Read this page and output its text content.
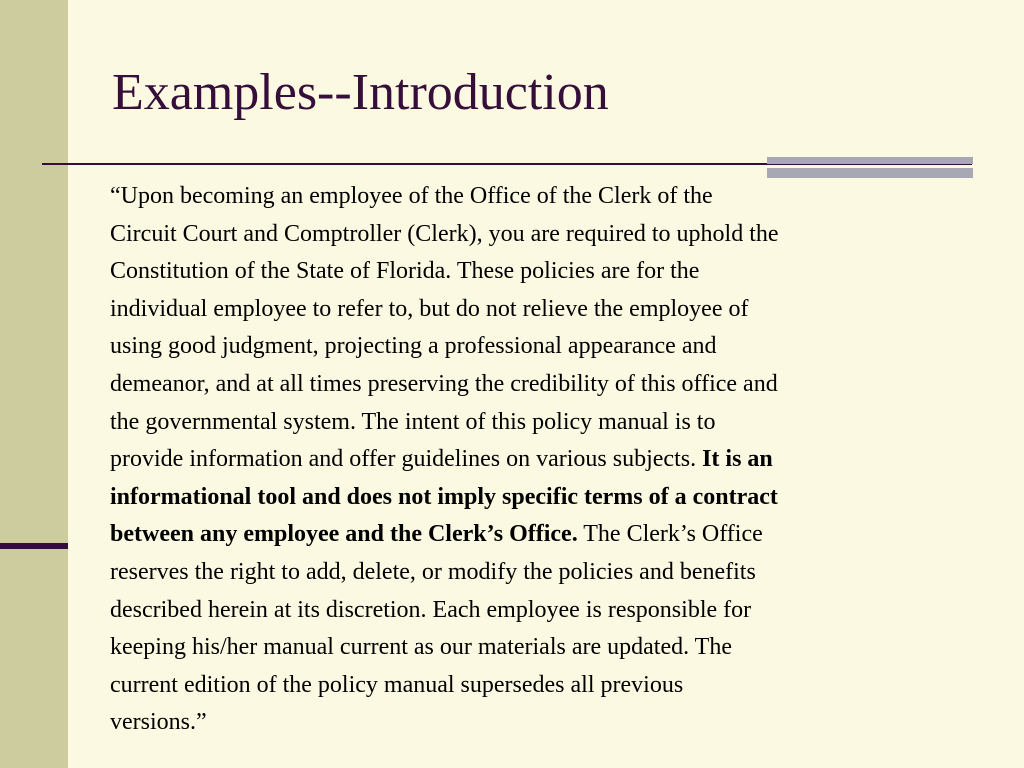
Examples--Introduction
“Upon becoming an employee of the Office of the Clerk of the
Circuit Court and Comptroller (Clerk), you are required to uphold the
Constitution of the State of Florida. These policies are for the
individual employee to refer to, but do not relieve the employee of
using good judgment, projecting a professional appearance and
demeanor, and at all times preserving the credibility of this office and
the governmental system. The intent of this policy manual is to
provide information and offer guidelines on various subjects. It is an
informational tool and does not imply specific terms of a contract
between any employee and the Clerk’s Office. The Clerk’s Office
reserves the right to add, delete, or modify the policies and benefits
described herein at its discretion. Each employee is responsible for
keeping his/her manual current as our materials are updated. The
current edition of the policy manual supersedes all previous
versions.”
